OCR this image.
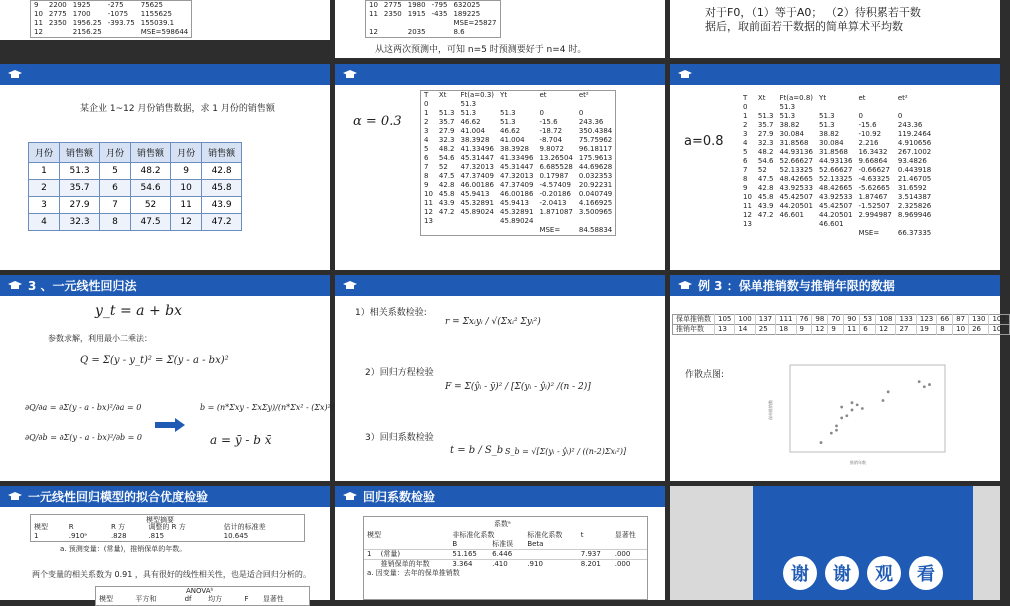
9	2200	1925	-275	75625
10	2775	1700	-1075	1155625
11	2350	1956.25	-393.75	155039.1
12		2156.25		MSE=598644
10	2775	1980	-795	632025
11	2350	1915	-435	189225
				MSE=25827
12		2035		8.6
从这两次预测中，可知 n=5 时预测要好于 n=4 时。
对于F0，（1）等于A0； （2）待积累若干数
据后，取前面若干数据的简单算术平均数
某企业 1~12 月份销售数据，求 1 月份的销售额
月份	销售额	月份	销售额	月份	销售额
1	51.3	5	48.2	9	42.8
2	35.7	6	54.6	10	45.8
3	27.9	7	52	11	43.9
4	32.3	8	47.5	12	47.2
α = 0.3
T	Xt	Ft(a=0.3)	Yt	et	et²
0		51.3			
1	51.3	51.3	51.3	0	0
2	35.7	46.62	51.3	-15.6	243.36
3	27.9	41.004	46.62	-18.72	350.4384
4	32.3	38.3928	41.004	-8.704	75.75962
5	48.2	41.33496	38.3928	9.8072	96.18117
6	54.6	45.31447	41.33496	13.26504	175.9613
7	52	47.32013	45.31447	6.685528	44.69628
8	47.5	47.37409	47.32013	0.17987	0.032353
9	42.8	46.00186	47.37409	-4.57409	20.92231
10	45.8	45.9413	46.00186	-0.20186	0.040749
11	43.9	45.32891	45.9413	-2.0413	4.166925
12	47.2	45.89024	45.32891	1.871087	3.500965
13			45.89024		
				MSE=	84.58834
a=0.8
T	Xt	Ft(a=0.8)	Yt	et	et²
0		51.3			
1	51.3	51.3	51.3	0	0
2	35.7	38.82	51.3	-15.6	243.36
3	27.9	30.084	38.82	-10.92	119.2464
4	32.3	31.8568	30.084	2.216	4.910656
5	48.2	44.93136	31.8568	16.3432	267.1002
6	54.6	52.66627	44.93136	9.66864	93.4826
7	52	52.13325	52.66627	-0.66627	0.443918
8	47.5	48.42665	52.13325	-4.63325	21.46705
9	42.8	43.92533	48.42665	-5.62665	31.6592
10	45.8	45.42507	43.92533	1.87467	3.514387
11	43.9	44.20501	45.42507	-1.52507	2.325826
12	47.2	46.601	44.20501	2.994987	8.969946
13			46.601		
				MSE=	66.37335
3 、一元线性回归法
y_t = a + bx
参数求解，利用最小二乘法：
Q = Σ(y - y_t)² = Σ(y - a - bx)²
∂Q/∂a = ∂Σ(y - a - bx)²/∂a = 0
∂Q/∂b = ∂Σ(y - a - bx)²/∂b = 0
b = (n*Σxy - ΣxΣy)/(n*Σx² - (Σx)²)
a = ȳ - b x̄
1）相关系数检验:
r = Σxᵢyᵢ / √(Σxᵢ² Σyᵢ²)
2）回归方程检验
F = Σ(ŷᵢ - ȳ)² / [Σ(yᵢ - ŷᵢ)² /(n - 2)]
3）回归系数检验
t = b / S_b S_b = √[Σ(yᵢ - ŷᵢ)² / ((n-2)Σxᵢ²)]
例 3 ：保单推销数与推销年限的数据
保单推销数	105	100	137	111	76	98	70	90	53	108	133	123	66	87	130	102
推销年数	13	14	25	18	9	12	9	11	6	12	27	19	8	10	26	10
作散点图:
保单推销数
推销年数
一元线性回归模型的拟合优度检验
模型摘要
模型	R	R 方	调整的 R 方	估计的标准差
1	.910ᵃ	.828	.815	10.645
a. 预测变量：(常量)，推销保单的年数。
两个变量的相关系数为 0.91 ，具有很好的线性相关性，也是适合回归分析的。
ANOVAᵇ
模型	平方和	df	均方	F	显著性
回归系数检验
系数ᵃ
模型		非标准化系数		标准化系数	t	显著性
		B	标准误	Beta		
1	(常量)	51.165	6.446		7.937	.000
	推销保单的年数	3.364	.410	.910	8.201	.000
a. 因变量：去年的保单推销数							谢	谢	观	看
